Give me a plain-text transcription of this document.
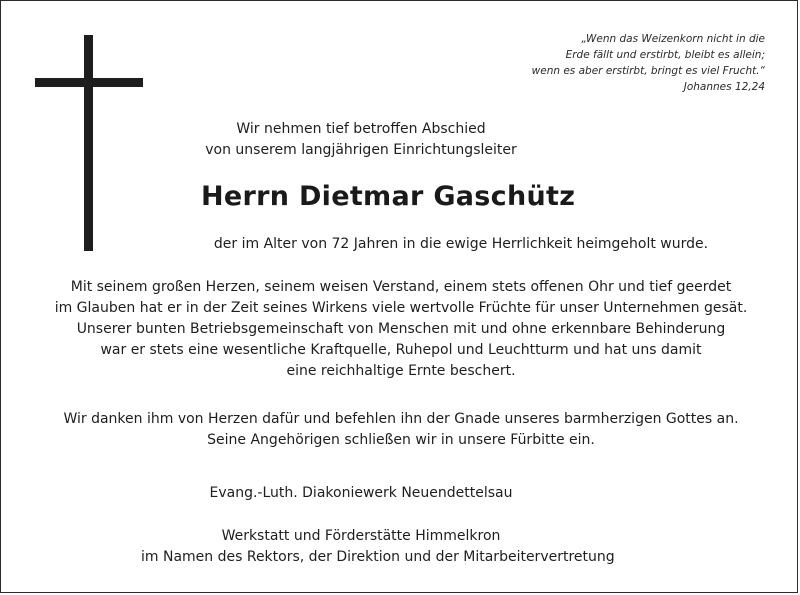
„Wenn das Weizenkorn nicht in die
Erde fällt und erstirbt, bleibt es allein;
wenn es aber erstirbt, bringt es viel Frucht.“
Johannes 12,24
Wir nehmen tief betroffen Abschied
von unserem langjährigen Einrichtungsleiter
Herrn Dietmar Gaschütz
der im Alter von 72 Jahren in die ewige Herrlichkeit heimgeholt wurde.
Mit seinem großen Herzen, seinem weisen Verstand, einem stets offenen Ohr und tief geerdet
im Glauben hat er in der Zeit seines Wirkens viele wertvolle Früchte für unser Unternehmen gesät.
Unserer bunten Betriebsgemeinschaft von Menschen mit und ohne erkennbare Behinderung
war er stets eine wesentliche Kraftquelle, Ruhepol und Leuchtturm und hat uns damit
eine reichhaltige Ernte beschert.
Wir danken ihm von Herzen dafür und befehlen ihn der Gnade unseres barmherzigen Gottes an.
Seine Angehörigen schließen wir in unsere Fürbitte ein.
Evang.-Luth. Diakoniewerk Neuendettelsau
Werkstatt und Förderstätte Himmelkron
im Namen des Rektors, der Direktion und der Mitarbeitervertretung
